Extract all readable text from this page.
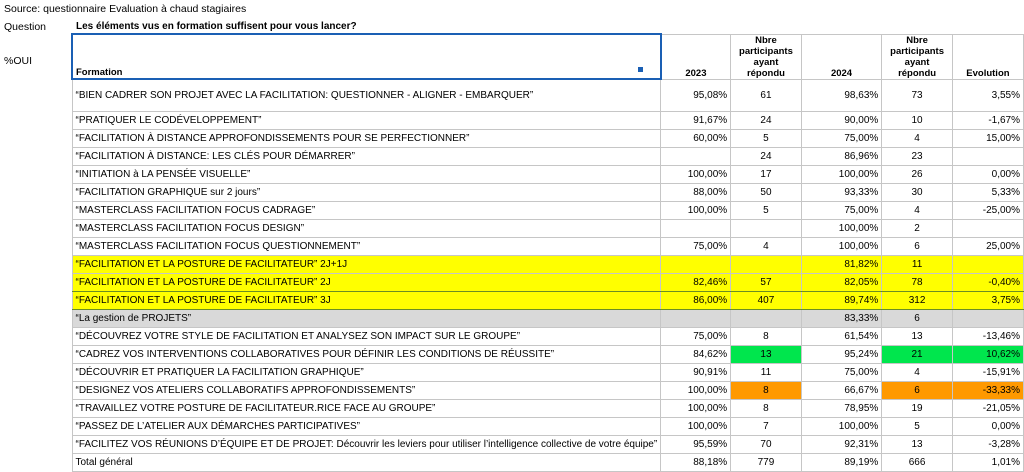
Source: questionnaire Evaluation à chaud stagiaires
Question	Les éléments vus en formation suffisent pour vous lancer?
%OUI
Formation	2023	Nbre participants ayant répondu	2024	Nbre participants ayant répondu	Evolution
“BIEN CADRER SON PROJET AVEC LA FACILITATION: QUESTIONNER - ALIGNER - EMBARQUER”	95,08%	61	98,63%	73	3,55%
“PRATIQUER LE CODÉVELOPPEMENT”	91,67%	24	90,00%	10	-1,67%
“FACILITATION À DISTANCE APPROFONDISSEMENTS POUR SE PERFECTIONNER”	60,00%	5	75,00%	4	15,00%
“FACILITATION À DISTANCE: LES CLÉS POUR DÉMARRER”		24	86,96%	23	
“INITIATION à LA PENSÉE VISUELLE”	100,00%	17	100,00%	26	0,00%
“FACILITATION GRAPHIQUE sur 2 jours”	88,00%	50	93,33%	30	5,33%
“MASTERCLASS FACILITATION FOCUS CADRAGE”	100,00%	5	75,00%	4	-25,00%
“MASTERCLASS FACILITATION FOCUS DESIGN”			100,00%	2	
“MASTERCLASS FACILITATION FOCUS QUESTIONNEMENT”	75,00%	4	100,00%	6	25,00%
“FACILITATION ET LA POSTURE DE FACILITATEUR” 2J+1J			81,82%	11	
“FACILITATION ET LA POSTURE DE FACILITATEUR” 2J	82,46%	57	82,05%	78	-0,40%
“FACILITATION ET LA POSTURE DE FACILITATEUR” 3J	86,00%	407	89,74%	312	3,75%
“La gestion de PROJETS”			83,33%	6	
“DÉCOUVREZ VOTRE STYLE DE FACILITATION ET ANALYSEZ SON IMPACT SUR LE GROUPE”	75,00%	8	61,54%	13	-13,46%
“CADREZ VOS INTERVENTIONS COLLABORATIVES POUR DÉFINIR LES CONDITIONS DE RÉUSSITE”	84,62%	13	95,24%	21	10,62%
“DÉCOUVRIR ET PRATIQUER LA FACILITATION GRAPHIQUE”	90,91%	11	75,00%	4	-15,91%
“DESIGNEZ VOS ATELIERS COLLABORATIFS APPROFONDISSEMENTS”	100,00%	8	66,67%	6	-33,33%
“TRAVAILLEZ VOTRE POSTURE DE FACILITATEUR.RICE FACE AU GROUPE”	100,00%	8	78,95%	19	-21,05%
“PASSEZ DE L’ATELIER AUX DÉMARCHES PARTICIPATIVES”	100,00%	7	100,00%	5	0,00%
“FACILITEZ VOS RÉUNIONS D’ÉQUIPE ET DE PROJET: Découvrir les leviers pour utiliser l’intelligence collective de votre équipe”	95,59%	70	92,31%	13	-3,28%
Total général	88,18%	779	89,19%	666	1,01%
